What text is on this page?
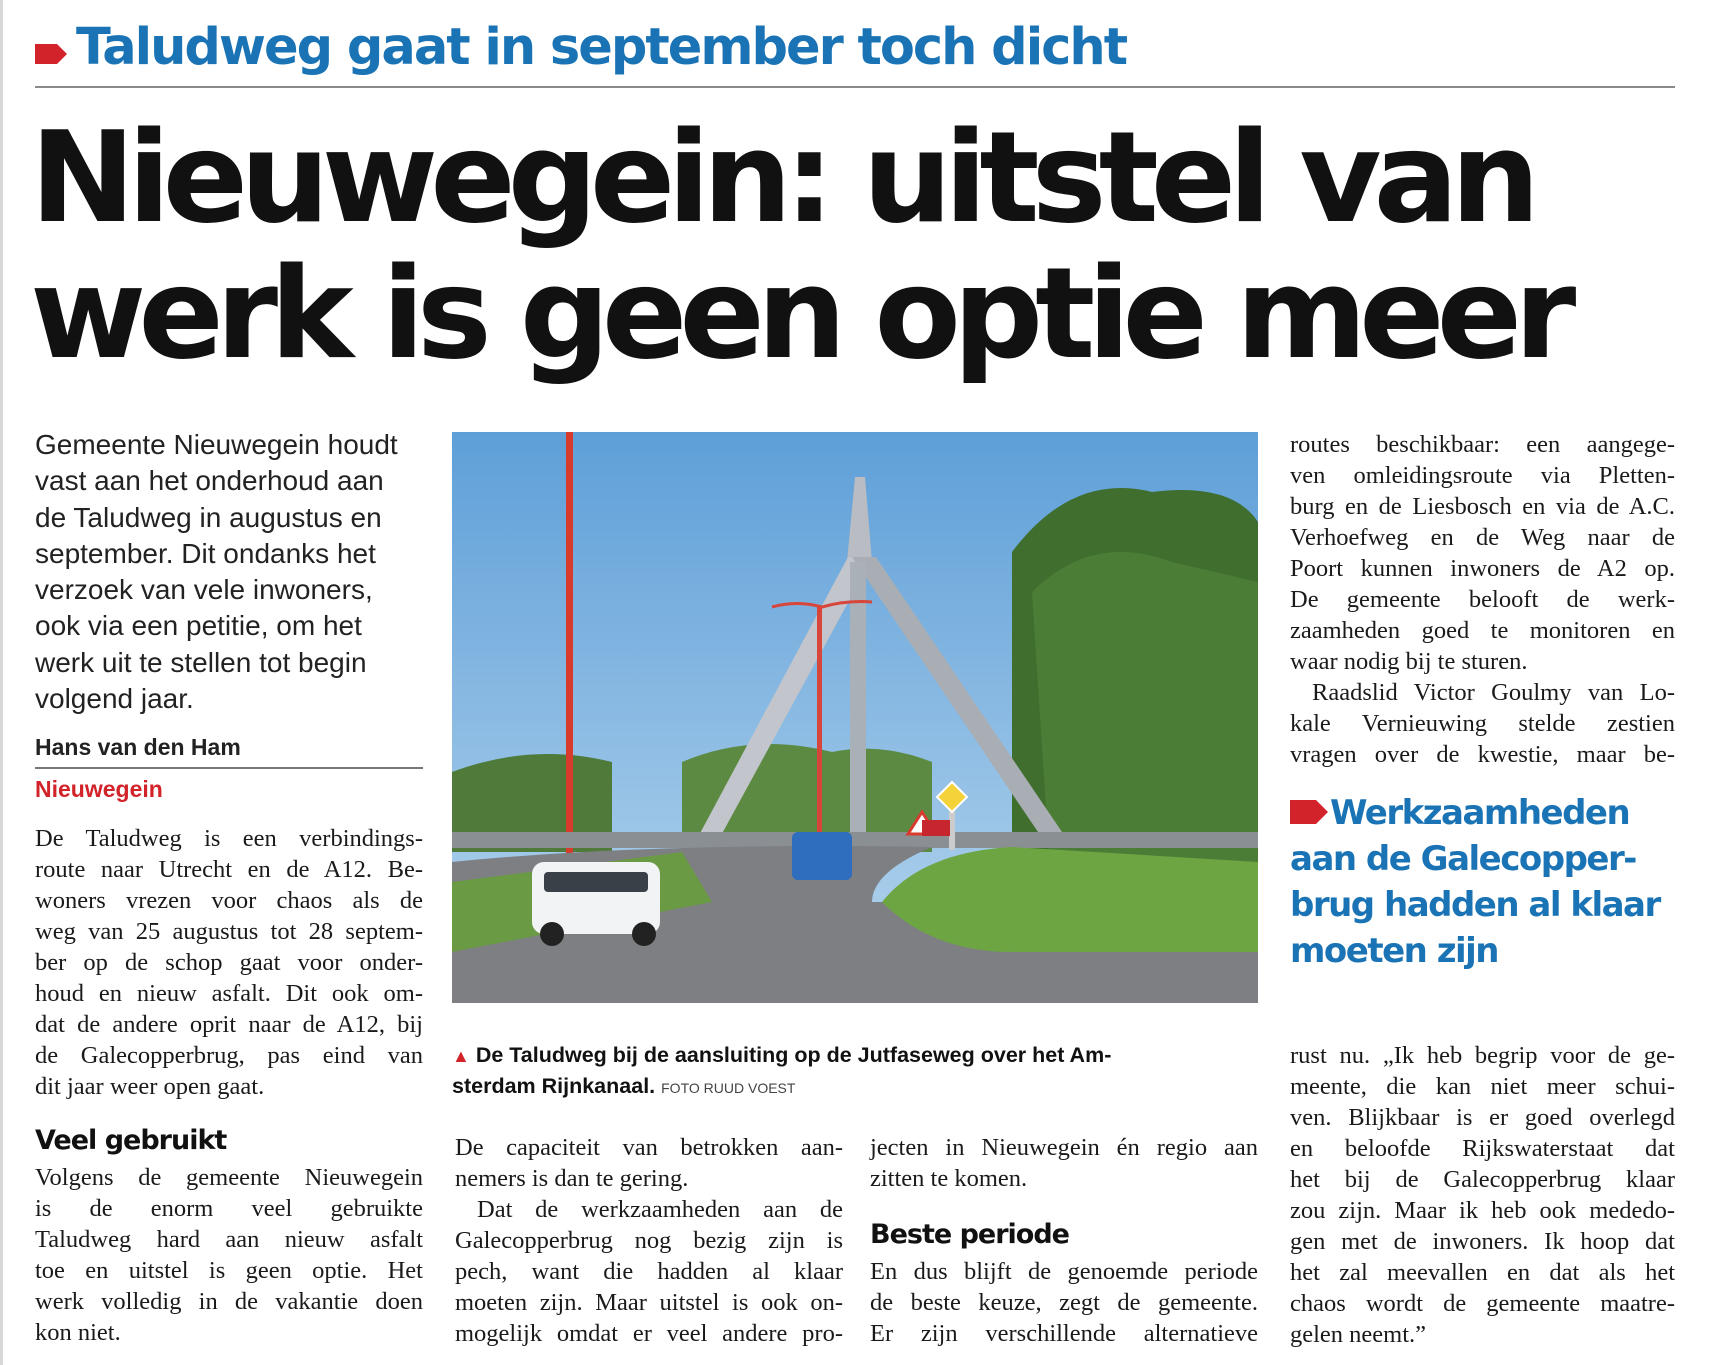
Taludweg gaat in september toch dicht
Nieuwegein: uitstel van
werk is geen optie meer
Gemeente Nieuwegein houdt
vast aan het onderhoud aan
de Taludweg in augustus en
september. Dit ondanks het
verzoek van vele inwoners,
ook via een petitie, om het
werk uit te stellen tot begin
volgend jaar.
Hans van den Ham
Nieuwegein
De Taludweg is een verbindings-
route naar Utrecht en de A12. Be-
woners vrezen voor chaos als de
weg van 25 augustus tot 28 septem-
ber op de schop gaat voor onder-
houd en nieuw asfalt. Dit ook om-
dat de andere oprit naar de A12, bij
de Galecopperbrug, pas eind van
dit jaar weer open gaat.
Veel gebruikt
Volgens de gemeente Nieuwegein
is de enorm veel gebruikte
Taludweg hard aan nieuw asfalt
toe en uitstel is geen optie. Het
werk volledig in de vakantie doen
kon niet.
▲ De Taludweg bij de aansluiting op de Jutfaseweg over het Am-
sterdam Rijnkanaal. FOTO RUUD VOEST
De capaciteit van betrokken aan-
nemers is dan te gering.
Dat de werkzaamheden aan de
Galecopperbrug nog bezig zijn is
pech, want die hadden al klaar
moeten zijn. Maar uitstel is ook on-
mogelijk omdat er veel andere pro-
jecten in Nieuwegein én regio aan
zitten te komen.
Beste periode
En dus blijft de genoemde periode
de beste keuze, zegt de gemeente.
Er zijn verschillende alternatieve
routes beschikbaar: een aangege-
ven omleidingsroute via Pletten-
burg en de Liesbosch en via de A.C.
Verhoefweg en de Weg naar de
Poort kunnen inwoners de A2 op.
De gemeente belooft de werk-
zaamheden goed te monitoren en
waar nodig bij te sturen.
Raadslid Victor Goulmy van Lo-
kale Vernieuwing stelde zestien
vragen over de kwestie, maar be-
Werkzaamheden
aan de Galecopper-
brug hadden al klaar
moeten zijn
rust nu. „Ik heb begrip voor de ge-
meente, die kan niet meer schui-
ven. Blijkbaar is er goed overlegd
en beloofde Rijkswaterstaat dat
het bij de Galecopperbrug klaar
zou zijn. Maar ik heb ook mededo-
gen met de inwoners. Ik hoop dat
het zal meevallen en dat als het
chaos wordt de gemeente maatre-
gelen neemt.”
